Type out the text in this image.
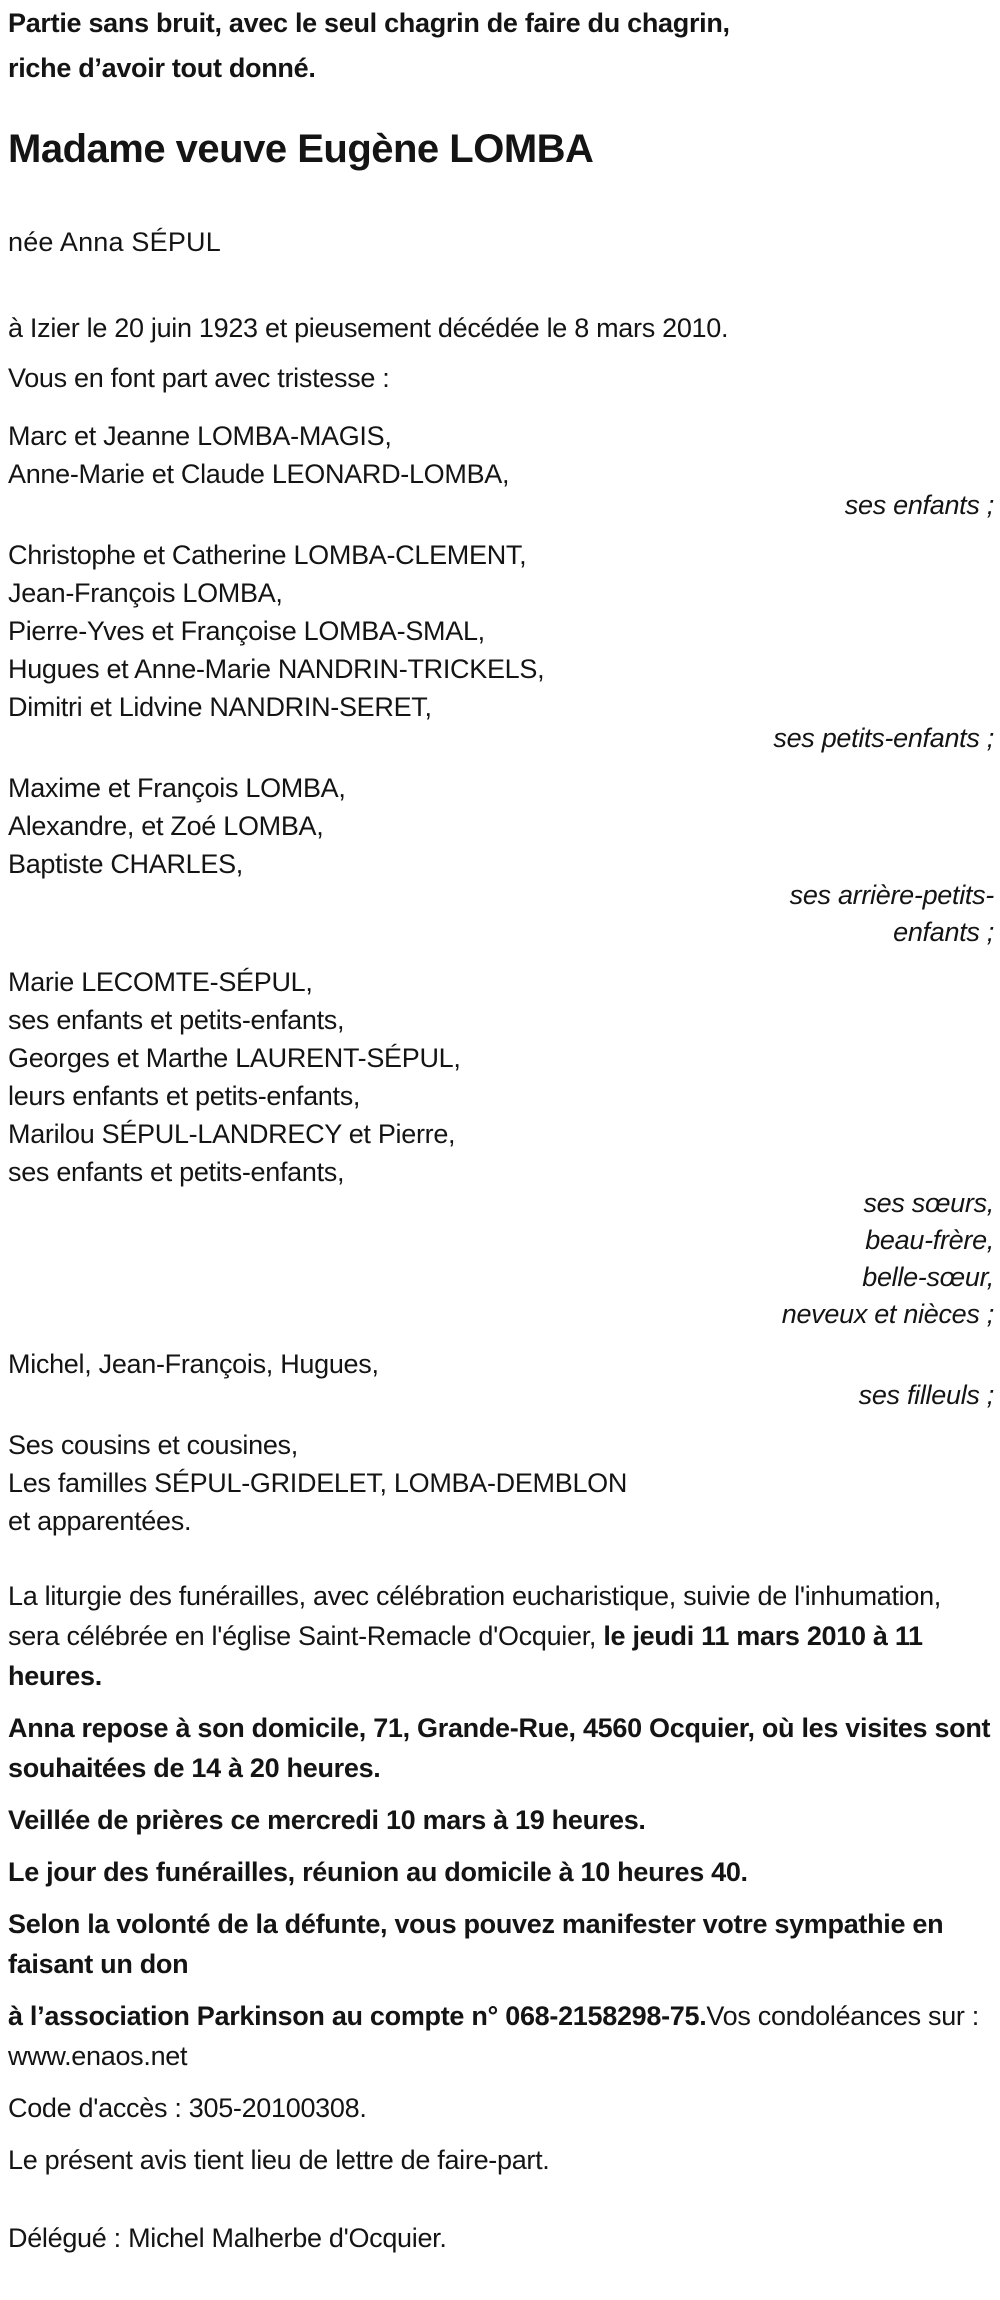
Partie sans bruit, avec le seul chagrin de faire du chagrin,

riche d’avoir tout donné.

Madame veuve Eugène LOMBA

née Anna SÉPUL

à Izier le 20 juin 1923 et pieusement décédée le 8 mars 2010.

Vous en font part avec tristesse :

Marc et Jeanne LOMBA-MAGIS,

Anne-Marie et Claude LEONARD-LOMBA,

ses enfants ;

Christophe et Catherine LOMBA-CLEMENT,

Jean-François LOMBA,

Pierre-Yves et Françoise LOMBA-SMAL,

Hugues et Anne-Marie NANDRIN-TRICKELS,

Dimitri et Lidvine NANDRIN-SERET,

ses petits-enfants ;

Maxime et François LOMBA,

Alexandre, et Zoé LOMBA,

Baptiste CHARLES,

ses arrière-petits-
enfants ;

Marie LECOMTE-SÉPUL,

ses enfants et petits-enfants,

Georges et Marthe LAURENT-SÉPUL,

leurs enfants et petits-enfants,

Marilou SÉPUL-LANDRECY et Pierre,

ses enfants et petits-enfants,

ses sœurs,
beau-frère,
belle-sœur,
neveux et nièces ;

Michel, Jean-François, Hugues,

ses filleuls ;

Ses cousins et cousines,

Les familles SÉPUL-GRIDELET, LOMBA-DEMBLON

et apparentées.

La liturgie des funérailles, avec célébration eucharistique, suivie de l'inhumation, sera célébrée en l'église Saint-Remacle d'Ocquier, le jeudi 11 mars 2010 à 11 heures.

Anna repose à son domicile, 71, Grande-Rue, 4560 Ocquier, où les visites sont souhaitées de 14 à 20 heures.

Veillée de prières ce mercredi 10 mars à 19 heures.

Le jour des funérailles, réunion au domicile à 10 heures 40.

Selon la volonté de la défunte, vous pouvez manifester votre sympathie en faisant un don

à l’association Parkinson au compte n° 068-2158298-75.Vos condoléances sur : www.enaos.net

Code d'accès : 305-20100308.

Le présent avis tient lieu de lettre de faire-part.

Délégué : Michel Malherbe d'Ocquier.
